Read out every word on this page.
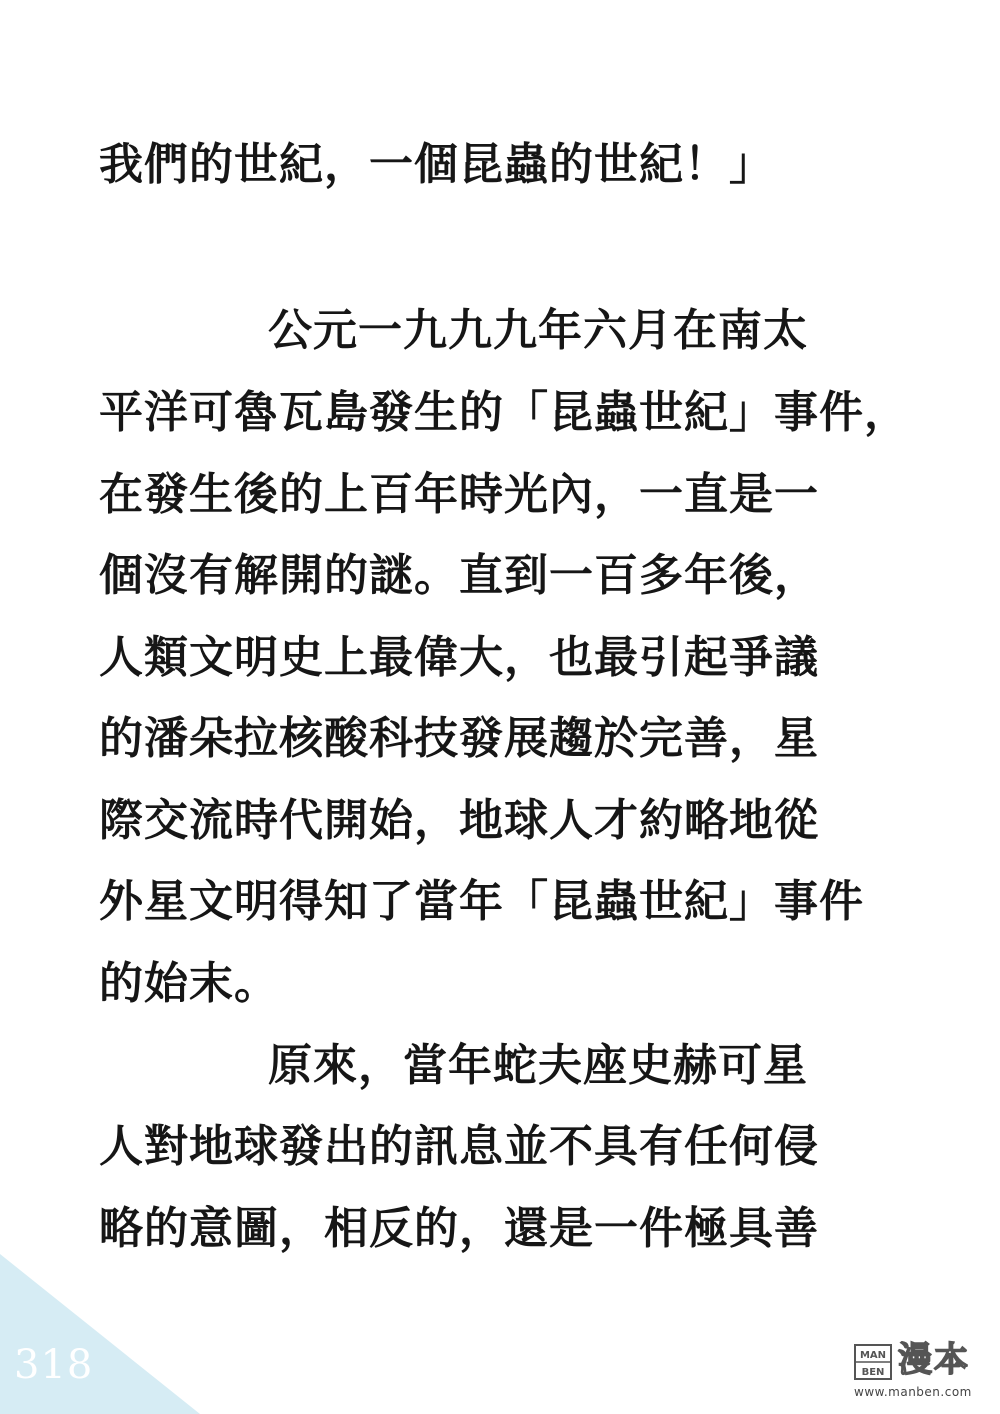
我們的世紀，一個昆蟲的世紀！」
公元一九九九年六月在南太
平洋可魯瓦島發生的「昆蟲世紀」事件，
在發生後的上百年時光內，一直是一
個沒有解開的謎。直到一百多年後，
人類文明史上最偉大，也最引起爭議
的潘朵拉核酸科技發展趨於完善，星
際交流時代開始，地球人才約略地從
外星文明得知了當年「昆蟲世紀」事件
的始末。
原來，當年蛇夫座史赫可星
人對地球發出的訊息並不具有任何侵
略的意圖，相反的，還是一件極具善
318	MAN
BEN 漫本
www.manben.com
